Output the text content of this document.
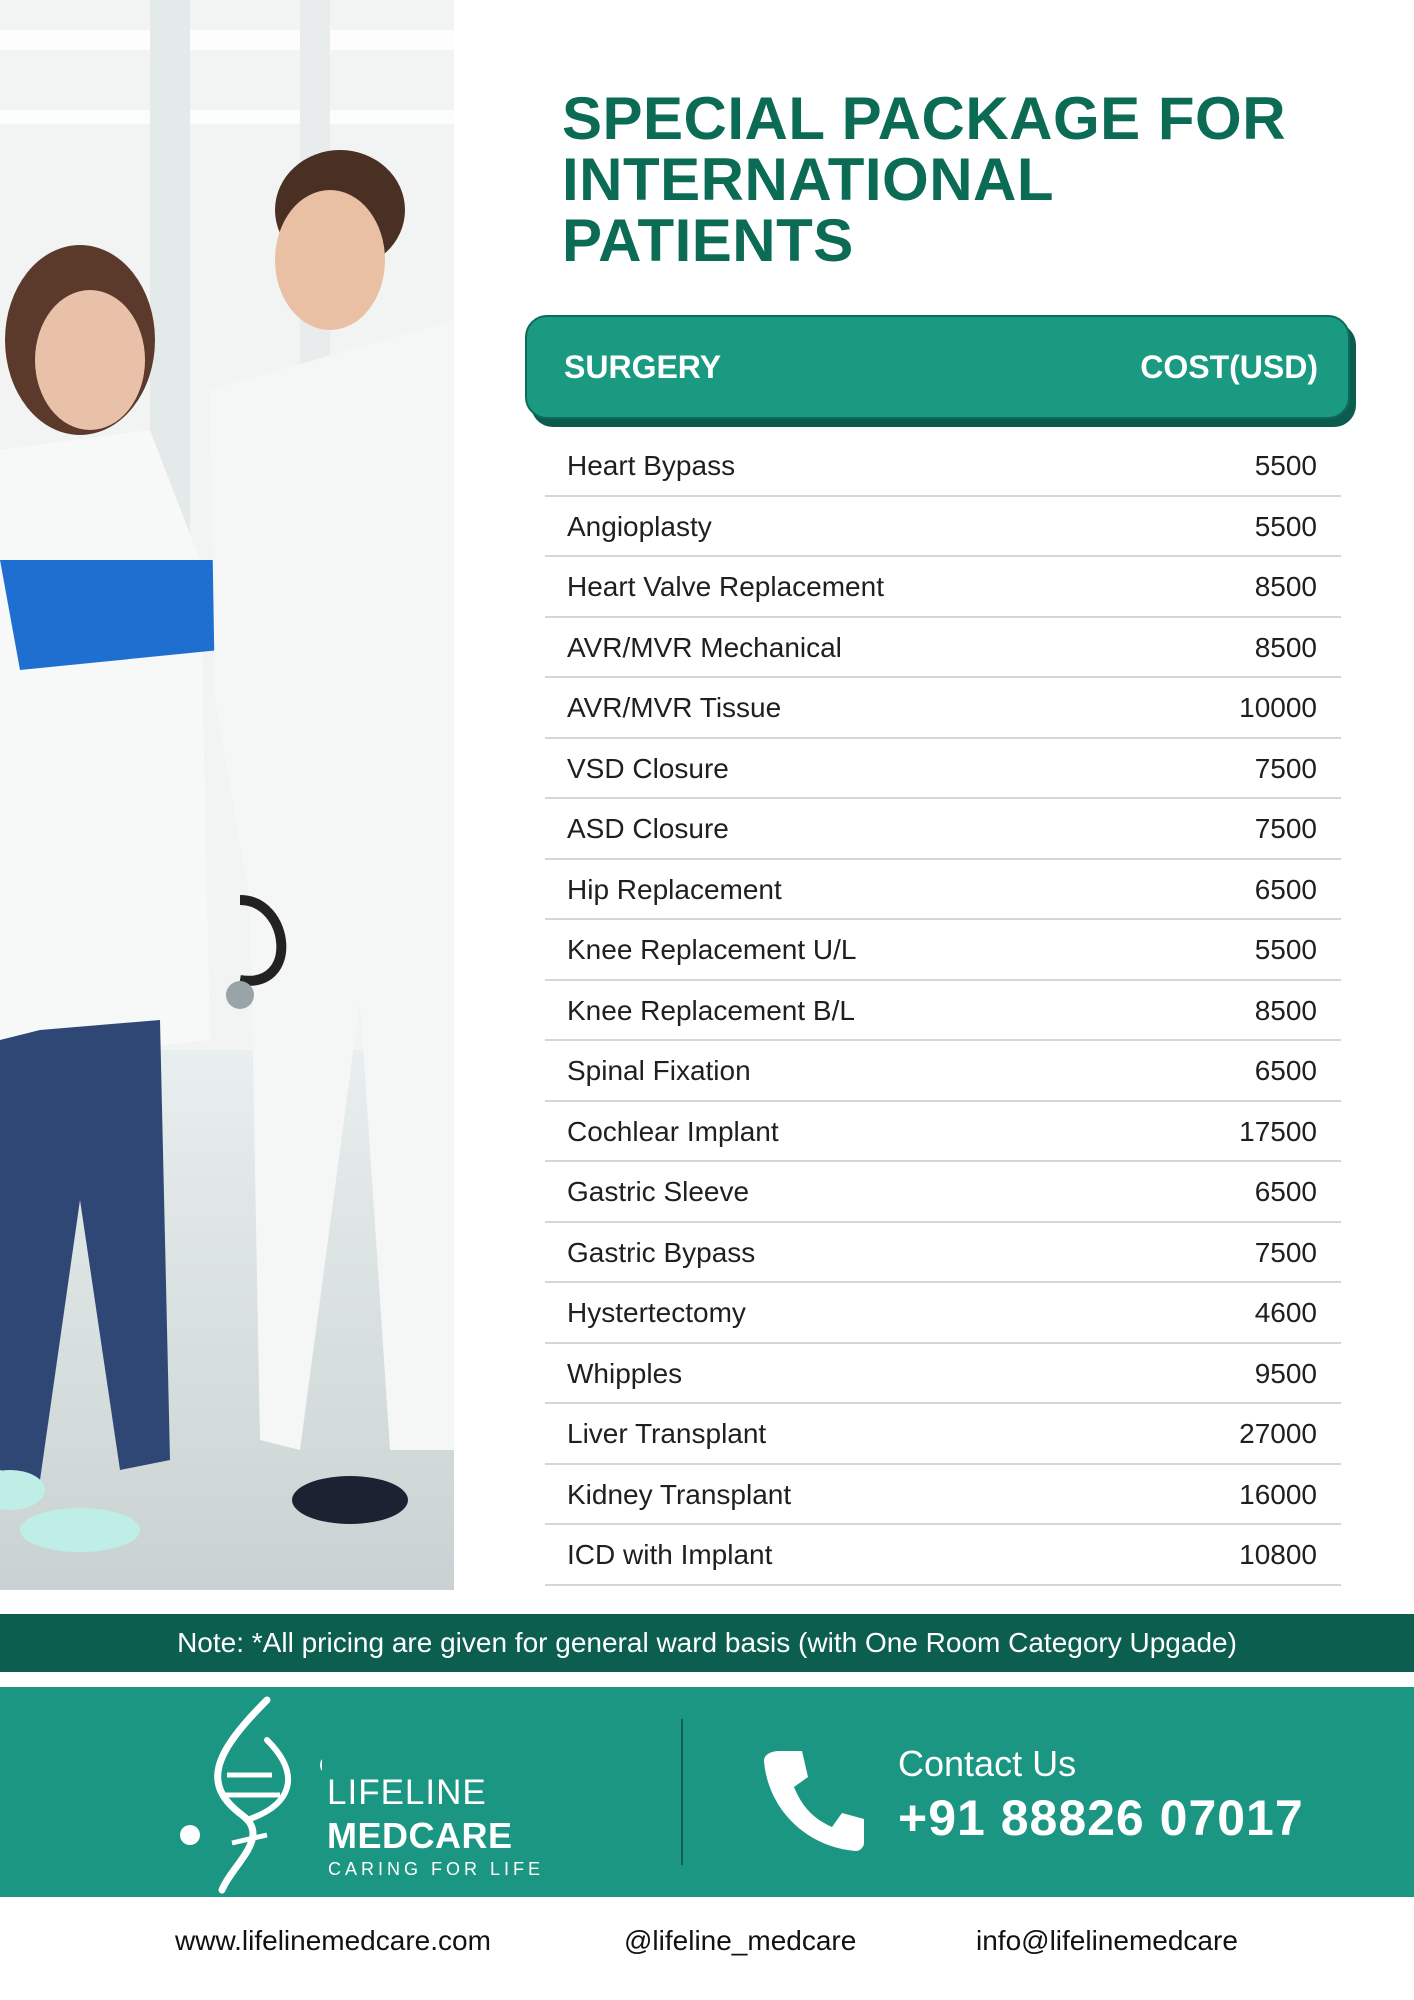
SPECIAL PACKAGE FOR
INTERNATIONAL
PATIENTS
SURGERY	COST(USD)
Heart Bypass	5500
Angioplasty	5500
Heart Valve Replacement	8500
AVR/MVR Mechanical	8500
AVR/MVR Tissue	10000
VSD Closure	7500
ASD Closure	7500
Hip Replacement	6500
Knee Replacement U/L	5500
Knee Replacement B/L	8500
Spinal Fixation	6500
Cochlear Implant	17500
Gastric Sleeve	6500
Gastric Bypass	7500
Hystertectomy	4600
Whipples	9500
Liver Transplant	27000
Kidney Transplant	16000
ICD with Implant	10800
Note: *All pricing are given for general ward basis (with One Room Category Upgade)
LIFELINE
MEDCARE
CARING FOR LIFE
Contact Us
+91 88826 07017
www.lifelinemedcare.com	@lifeline_medcare	info@lifelinemedcare
